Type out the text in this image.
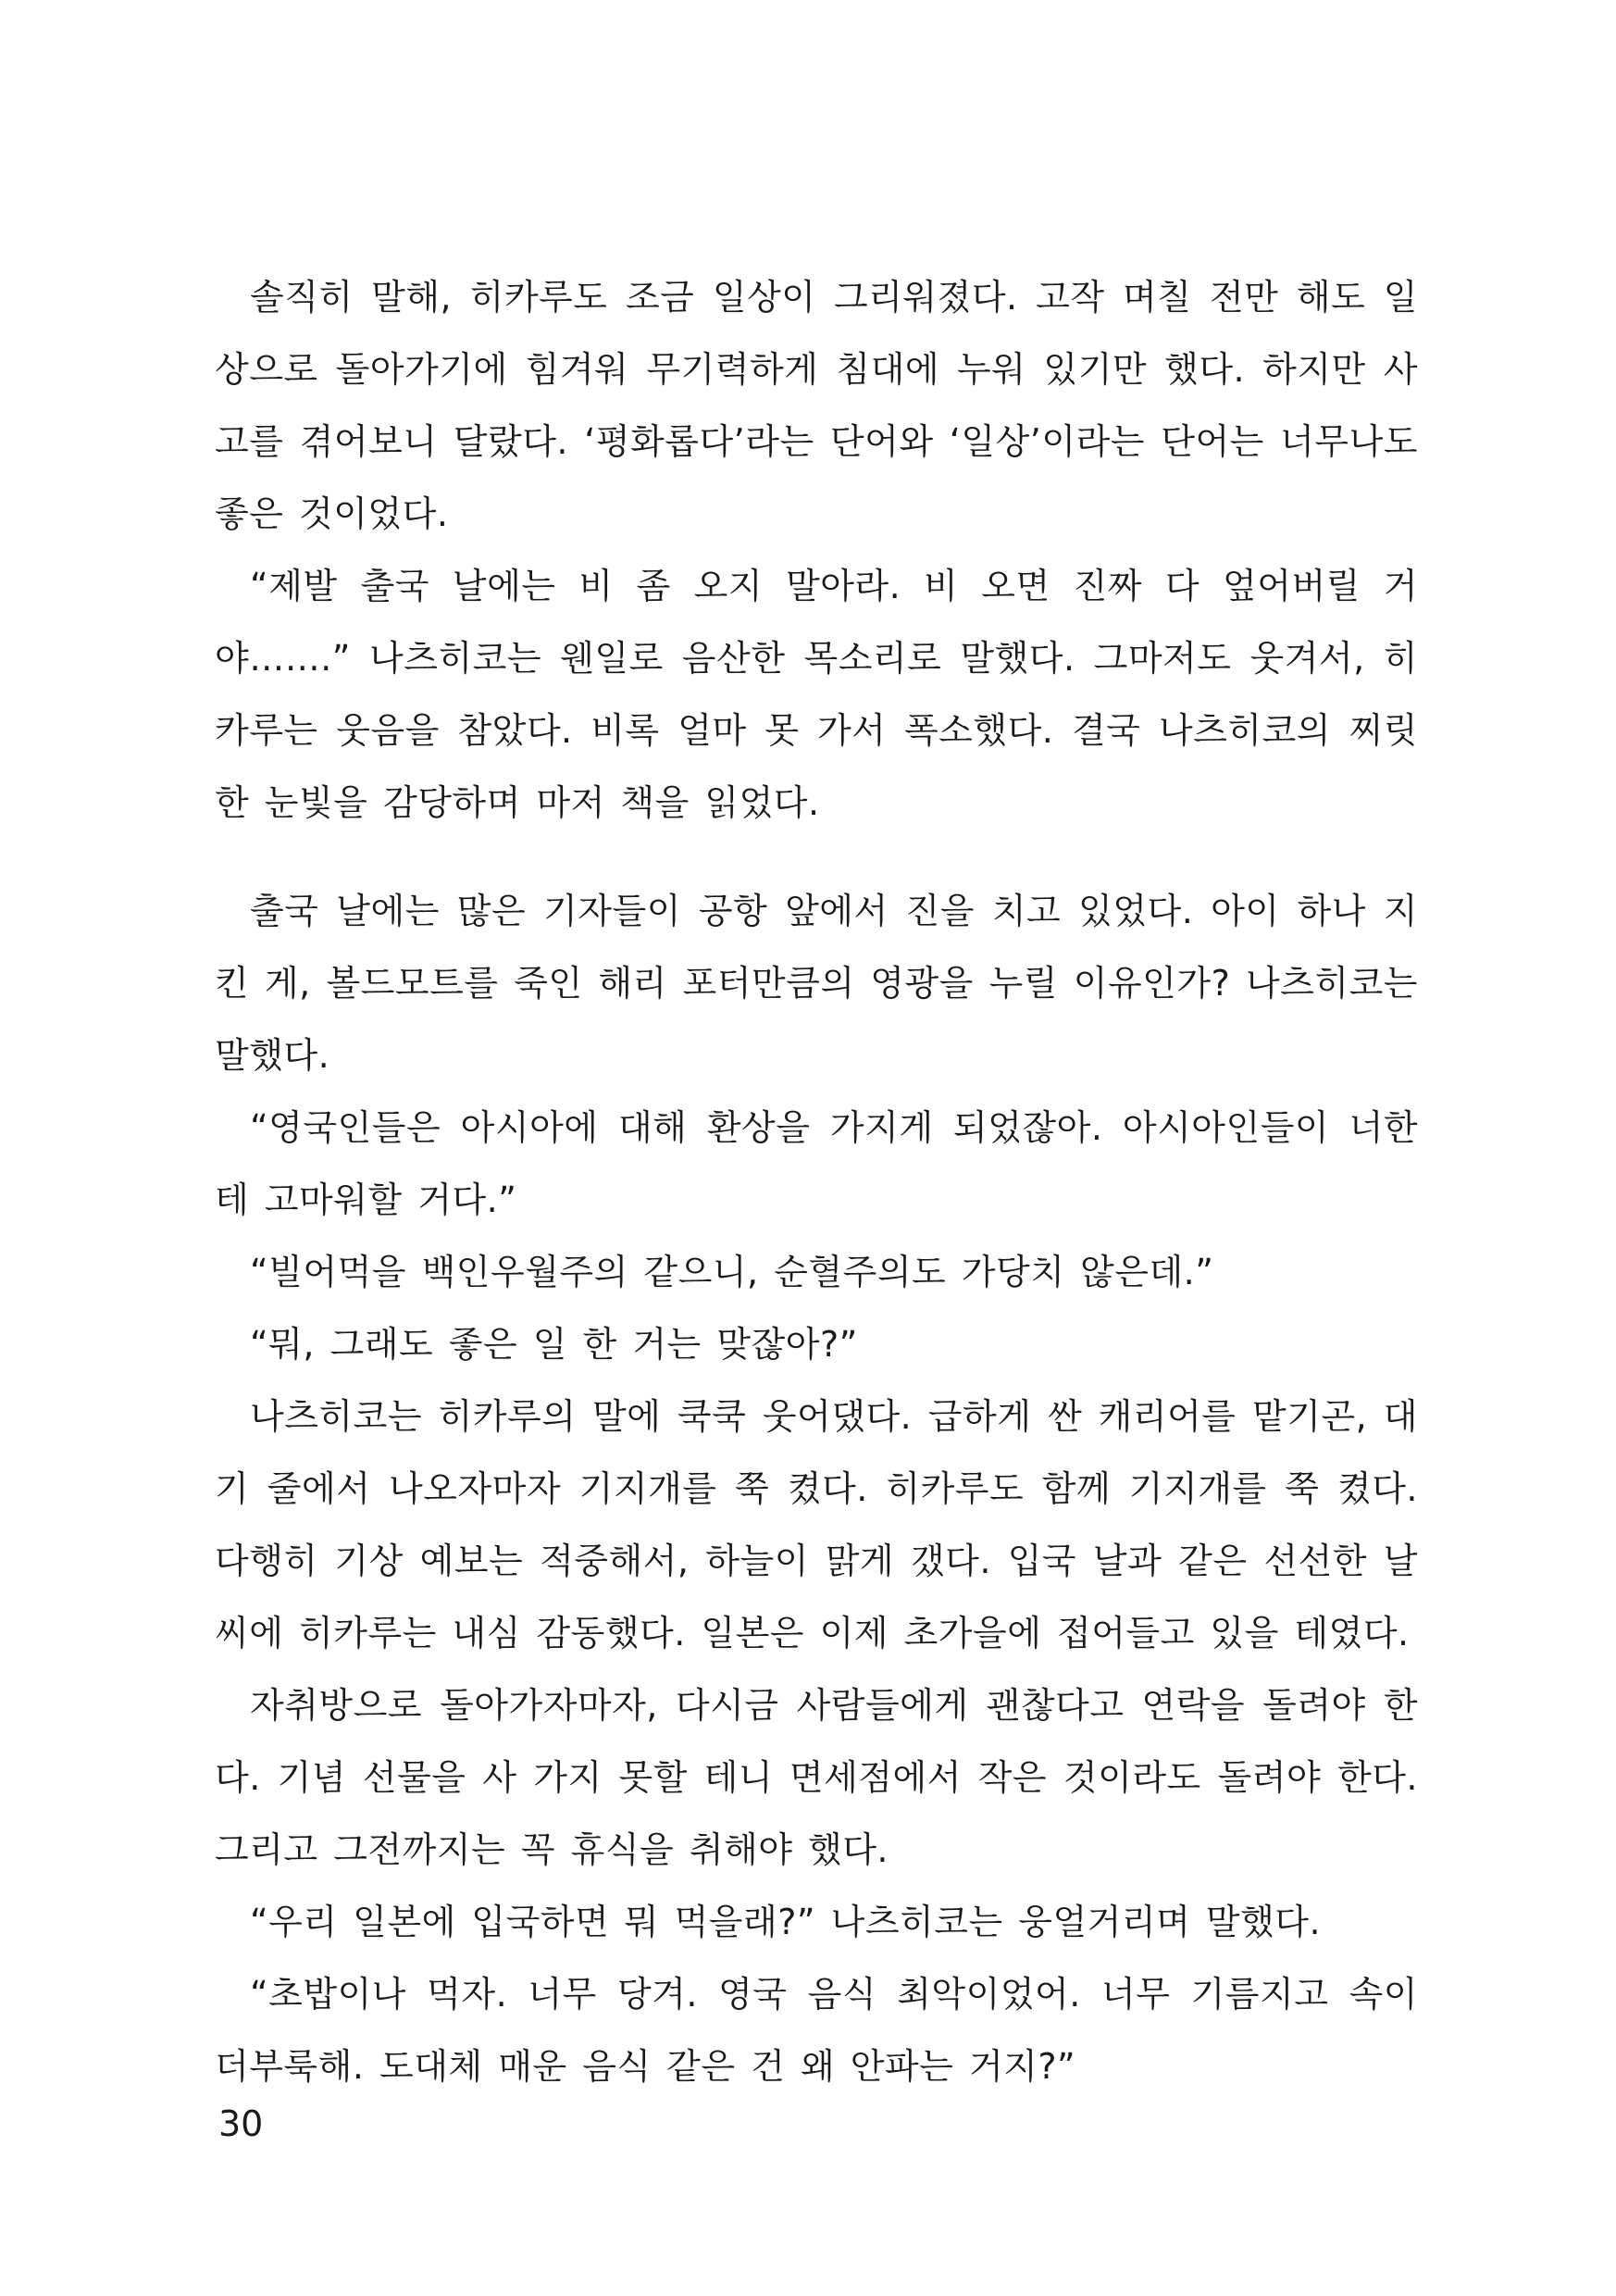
솔직히 말해, 히카루도 조금 일상이 그리워졌다. 고작 며칠 전만 해도 일상으로 돌아가기에 힘겨워 무기력하게 침대에 누워 있기만 했다. 하지만 사고를 겪어보니 달랐다. ‘평화롭다’라는 단어와 ‘일상’이라는 단어는 너무나도 좋은 것이었다.

“제발 출국 날에는 비 좀 오지 말아라. 비 오면 진짜 다 엎어버릴 거야…….” 나츠히코는 웬일로 음산한 목소리로 말했다. 그마저도 웃겨서, 히카루는 웃음을 참았다. 비록 얼마 못 가서 폭소했다. 결국 나츠히코의 찌릿한 눈빛을 감당하며 마저 책을 읽었다.

출국 날에는 많은 기자들이 공항 앞에서 진을 치고 있었다. 아이 하나 지킨 게, 볼드모트를 죽인 해리 포터만큼의 영광을 누릴 이유인가? 나츠히코는 말했다.

“영국인들은 아시아에 대해 환상을 가지게 되었잖아. 아시아인들이 너한테 고마워할 거다.”

“빌어먹을 백인우월주의 같으니, 순혈주의도 가당치 않은데.”

“뭐, 그래도 좋은 일 한 거는 맞잖아?”

나츠히코는 히카루의 말에 쿡쿡 웃어댔다. 급하게 싼 캐리어를 맡기곤, 대기 줄에서 나오자마자 기지개를 쭉 켰다. 히카루도 함께 기지개를 쭉 켰다. 다행히 기상 예보는 적중해서, 하늘이 맑게 갰다. 입국 날과 같은 선선한 날씨에 히카루는 내심 감동했다. 일본은 이제 초가을에 접어들고 있을 테였다.

자취방으로 돌아가자마자, 다시금 사람들에게 괜찮다고 연락을 돌려야 한다. 기념 선물을 사 가지 못할 테니 면세점에서 작은 것이라도 돌려야 한다. 그리고 그전까지는 꼭 휴식을 취해야 했다.

“우리 일본에 입국하면 뭐 먹을래?” 나츠히코는 웅얼거리며 말했다.

“초밥이나 먹자. 너무 당겨. 영국 음식 최악이었어. 너무 기름지고 속이 더부룩해. 도대체 매운 음식 같은 건 왜 안파는 거지?”

30
